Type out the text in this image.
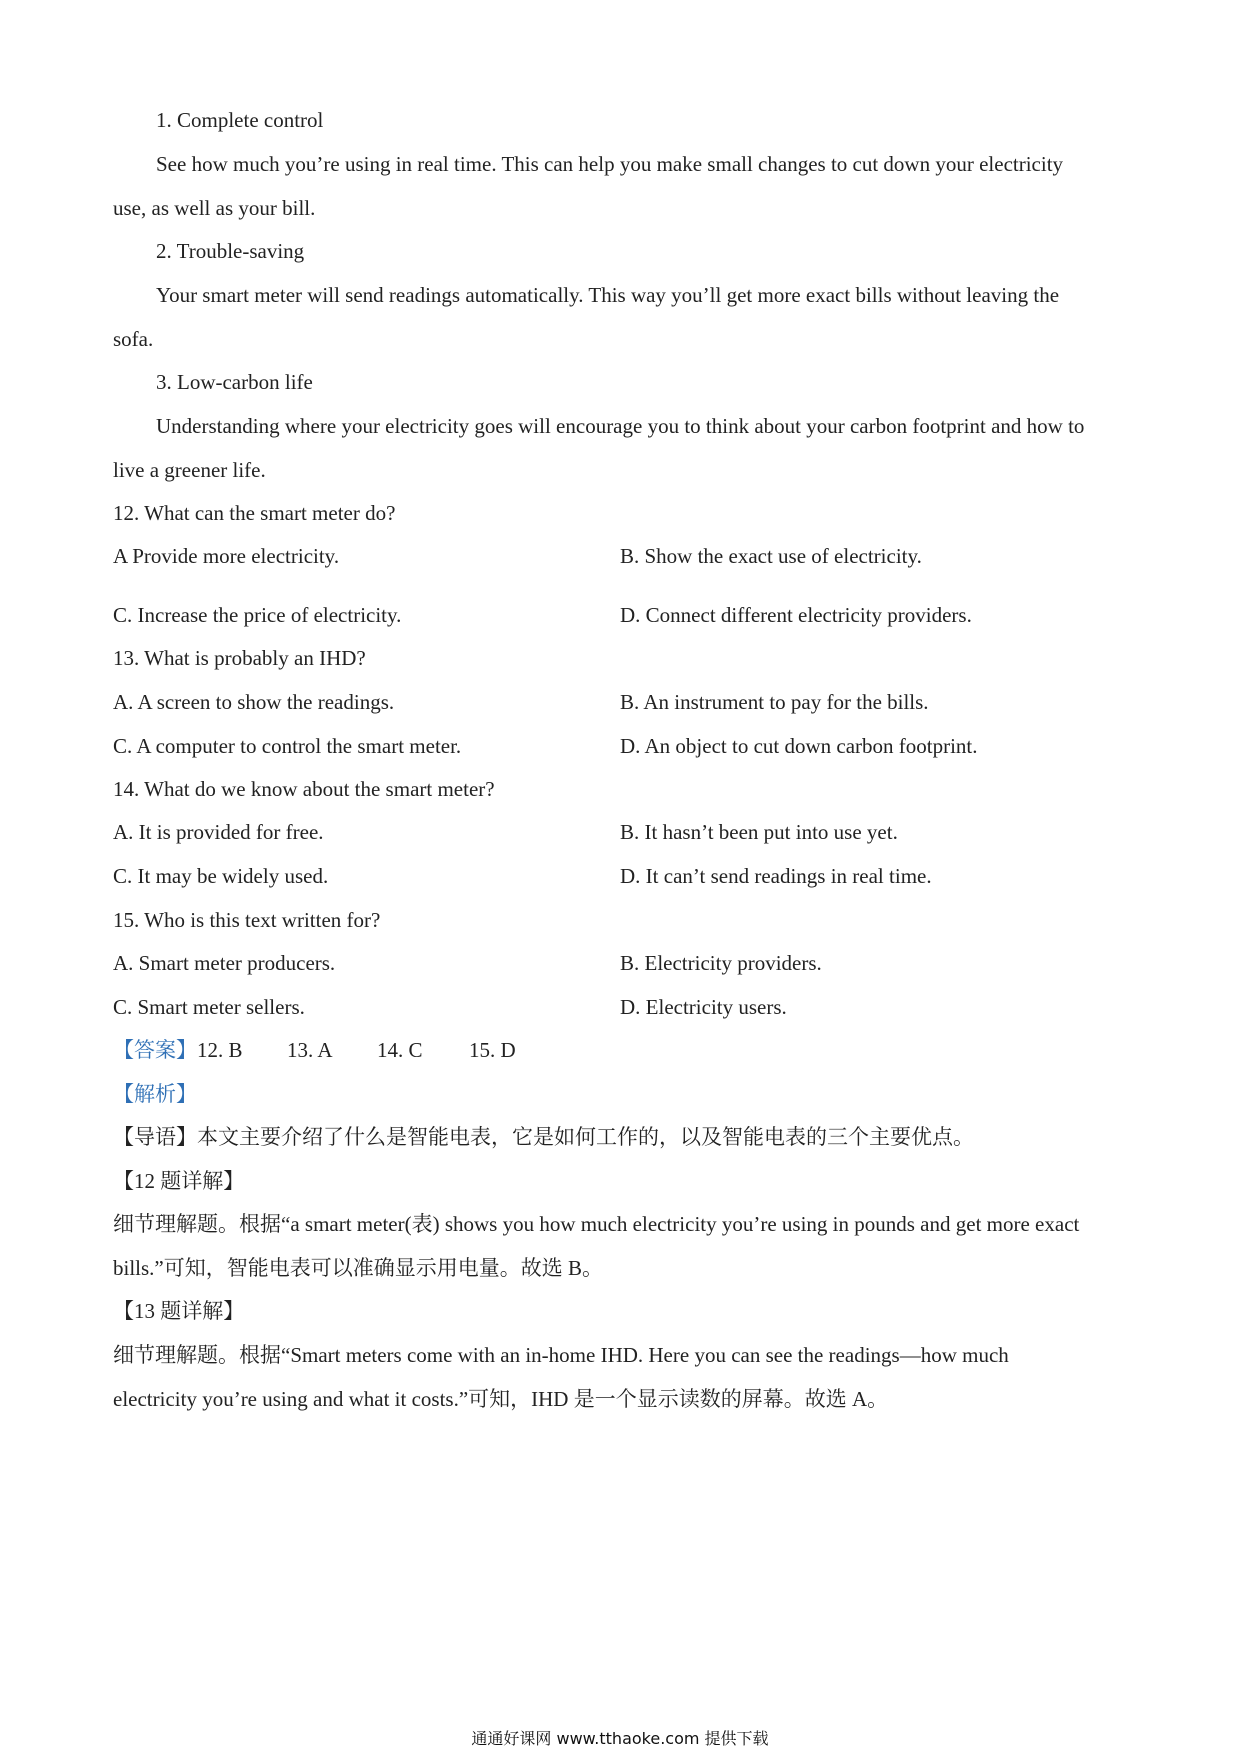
1. Complete control
See how much you’re using in real time. This can help you make small changes to cut down your electricity
use, as well as your bill.
2. Trouble-saving
Your smart meter will send readings automatically. This way you’ll get more exact bills without leaving the
sofa.
3. Low-carbon life
Understanding where your electricity goes will encourage you to think about your carbon footprint and how to
live a greener life.
12. What can the smart meter do?
A Provide more electricity.	B. Show the exact use of electricity.
C. Increase the price of electricity.	D. Connect different electricity providers.
13. What is probably an IHD?
A. A screen to show the readings.	B. An instrument to pay for the bills.
C. A computer to control the smart meter.	D. An object to cut down carbon footprint.
14. What do we know about the smart meter?
A. It is provided for free.	B. It hasn’t been put into use yet.
C. It may be widely used.	D. It can’t send readings in real time.
15. Who is this text written for?
A. Smart meter producers.	B. Electricity providers.
C. Smart meter sellers.	D. Electricity users.
【答案】12. B 13. A 14. C 15. D
【解析】
【导语】本文主要介绍了什么是智能电表，它是如何工作的，以及智能电表的三个主要优点。
【12 题详解】
细节理解题。根据“a smart meter(表) shows you how much electricity you’re using in pounds and get more exact
bills.”可知，智能电表可以准确显示用电量。故选 B。
【13 题详解】
细节理解题。根据“Smart meters come with an in-home IHD. Here you can see the readings—how much
electricity you’re using and what it costs.”可知，IHD 是一个显示读数的屏幕。故选 A。
通通好课网 www.tthaoke.com 提供下载
